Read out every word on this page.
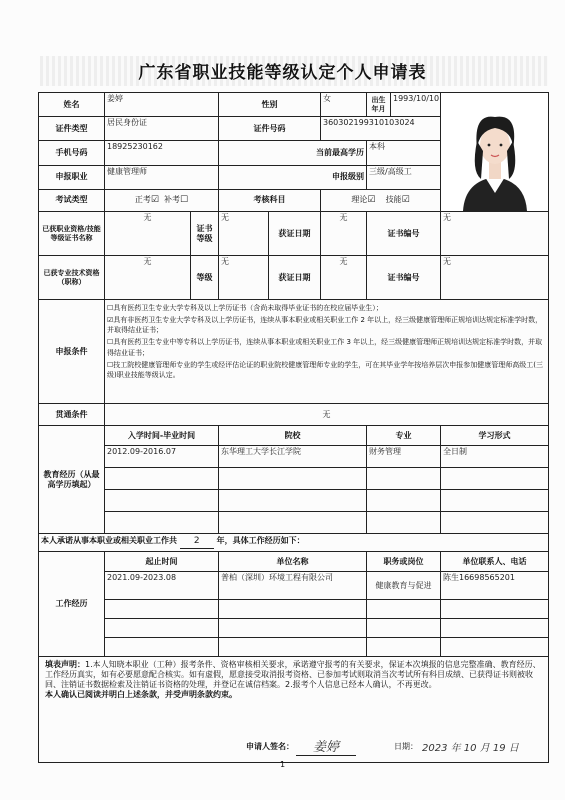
广东省职业技能等级认定个人申请表
姓名	姜婷		性别		女	出生年月	1993/10/10	

证件类型	居民身份证		证件号码		360302199310103024			
手机号码	18925230162		当前最高学历			本科		
申报职业	健康管理师		申报级别			三级/高级工		
考试类型	正考☑ 补考☐		考核科目		理论☑ 技能☑			
已获职业资格/技能等级证书名称	无	证书等级	无	获证日期	无	证书编号		无
已获专业技术资格（职称）	无	等级	无	获证日期	无	证书编号		无
申报条件	☐具有医药卫生专业大学专科及以上学历证书（含尚未取得毕业证书的在校应届毕业生）；

☑具有非医药卫生专业大学专科及以上学历证书，连续从事本职业或相关职业工作 2 年以上，经三级健康管理师正规培训达规定标准学时数，并取得结业证书；

☐具有医药卫生专业中等专科以上学历证书，连续从事本职业或相关职业工作 3 年以上，经三级健康管理师正规培训达规定标准学时数，并取得结业证书；

☐技工院校健康管理师专业的学生或经评估论证的职业院校健康管理师专业的学生，可在其毕业学年按培养层次申报参加健康管理师高级工(三级)职业技能等级认定。							

贯通条件	无							
教育经历（从最高学历填起）	入学时间-毕业时间		院校			专业		学习形式
	2012.09-2016.07		东华理工大学长江学院			财务管理		全日制

本人承诺从事本职业或相关职业工作共 2 年，具体工作经历如下：								
工作经历	起止时间		单位名称			职务或岗位		单位联系人、电话
	2021.09-2023.08		普柏（深圳）环境工程有限公司			健康教育与促进		陈生16698565201

填表声明：1.本人知晓本职业（工种）报考条件、资格审核相关要求，承诺遵守报考的有关要求，保证本次填报的信息完整准确、教育经历、工作经历真实，如有必要愿意配合核实。如有虚假，愿意接受取消报考资格、已参加考试则取消当次考试所有科目成绩、已获得证书则被收回、注销证书数据检索及注销证书资格的处理，并登记在诚信档案。2.报考个人信息已经本人确认，不再更改。
本人确认已阅读并明白上述条款，并受声明条款约束。								
申请人签名：	姜婷	日期： 2023 年 10 月 19 日
1
